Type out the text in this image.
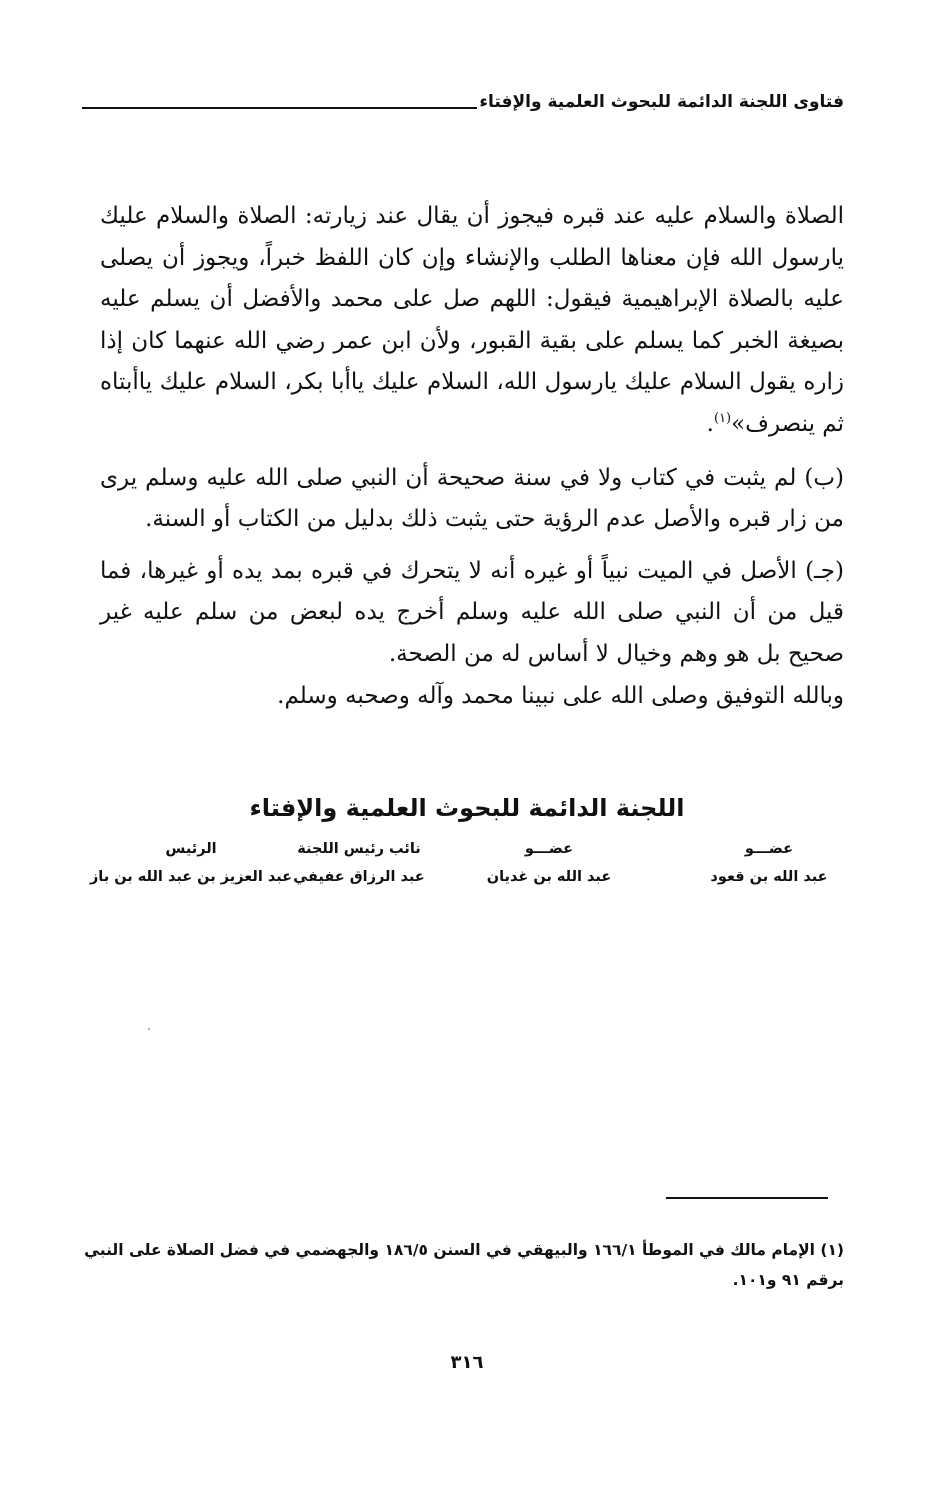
فتاوى اللجنة الدائمة للبحوث العلمية والإفتاء

الصلاة والسلام عليه عند قبره فيجوز أن يقال عند زيارته: الصلاة والسلام عليك يارسول الله فإن معناها الطلب والإنشاء وإن كان اللفظ خبراً، ويجوز أن يصلى عليه بالصلاة الإبراهيمية فيقول: اللهم صل على محمد والأفضل أن يسلم عليه بصيغة الخبر كما يسلم على بقية القبور، ولأن ابن عمر رضي الله عنهما كان إذا زاره يقول السلام عليك يارسول الله، السلام عليك ياأبا بكر، السلام عليك ياأبتاه ثم ينصرف»$^{(١)}$.

(ب) لم يثبت في كتاب ولا في سنة صحيحة أن النبي صلى الله عليه وسلم يرى من زار قبره والأصل عدم الرؤية حتى يثبت ذلك بدليل من الكتاب أو السنة.

(جـ) الأصل في الميت نبياً أو غيره أنه لا يتحرك في قبره بمد يده أو غيرها، فما قيل من أن النبي صلى الله عليه وسلم أخرج يده لبعض من سلم عليه غير صحيح بل هو وهم وخيال لا أساس له من الصحة.

وبالله التوفيق وصلى الله على نبينا محمد وآله وصحبه وسلم.

اللجنة الدائمة للبحوث العلمية والإفتاء
الرئيس
عبد العزيز بن عبد الله بن باز
نائب رئيس اللجنة
عبد الرزاق عفيفي
عضـــو
عبد الله بن غديان
عضـــو
عبد الله بن قعود
(١) الإمام مالك في الموطأ ١٦٦/١ والبيهقي في السنن ١٨٦/٥ والجهضمي في فضل الصلاة على النبي برقم ٩١ و١٠١.
٣١٦
